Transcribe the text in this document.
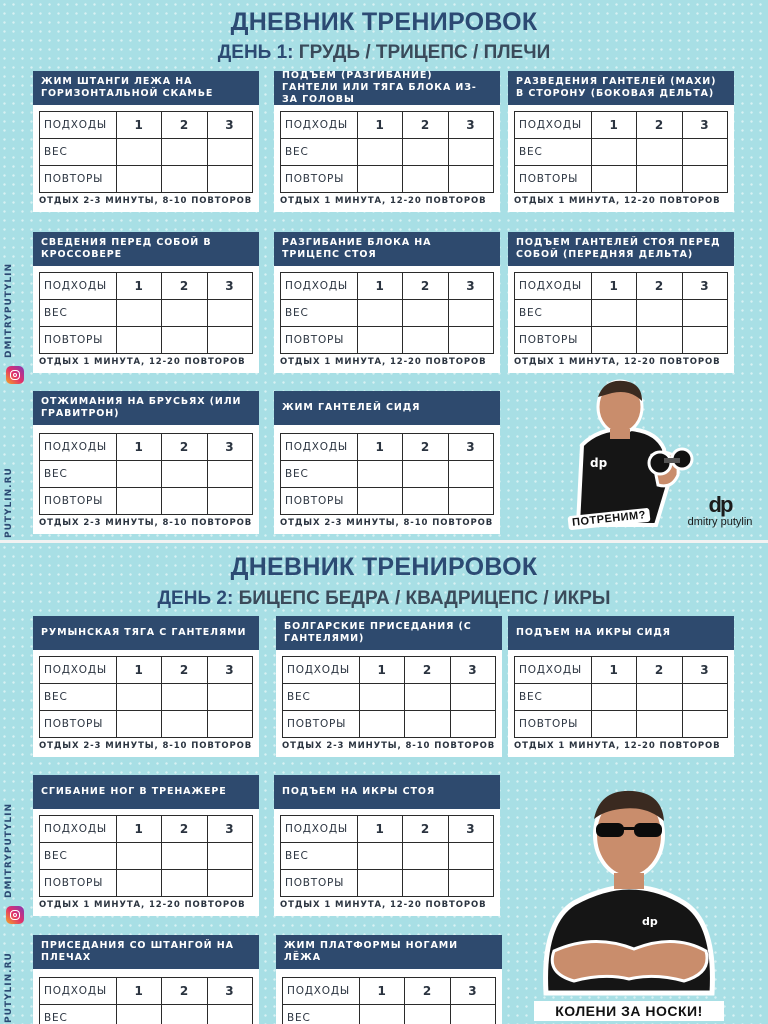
ДНЕВНИК ТРЕНИРОВОК
ДЕНЬ 1: ГРУДЬ / ТРИЦЕПС / ПЛЕЧИ
DMITRYPUTYLIN
PUTYLIN.RU
ЖИМ ШТАНГИ ЛЕЖА НА ГОРИЗОНТАЛЬНОЙ СКАМЬЕ
ПОДХОДЫ	1	2	3
ВЕС			
ПОВТОРЫ			
ОТДЫХ 2-3 МИНУТЫ, 8-10 ПОВТОРОВ
ПОДЪЕМ (РАЗГИБАНИЕ) ГАНТЕЛИ ИЛИ ТЯГА БЛОКА ИЗ-ЗА ГОЛОВЫ
ПОДХОДЫ	1	2	3
ВЕС			
ПОВТОРЫ			
ОТДЫХ 1 МИНУТА, 12-20 ПОВТОРОВ
РАЗВЕДЕНИЯ ГАНТЕЛЕЙ (МАХИ) В СТОРОНУ (БОКОВАЯ ДЕЛЬТА)
ПОДХОДЫ	1	2	3
ВЕС			
ПОВТОРЫ			
ОТДЫХ 1 МИНУТА, 12-20 ПОВТОРОВ
СВЕДЕНИЯ ПЕРЕД СОБОЙ В КРОССОВЕРЕ
ПОДХОДЫ	1	2	3
ВЕС			
ПОВТОРЫ			
ОТДЫХ 1 МИНУТА, 12-20 ПОВТОРОВ
РАЗГИБАНИЕ БЛОКА НА ТРИЦЕПС СТОЯ
ПОДХОДЫ	1	2	3
ВЕС			
ПОВТОРЫ			
ОТДЫХ 1 МИНУТА, 12-20 ПОВТОРОВ
ПОДЪЕМ ГАНТЕЛЕЙ СТОЯ ПЕРЕД СОБОЙ (ПЕРЕДНЯЯ ДЕЛЬТА)
ПОДХОДЫ	1	2	3
ВЕС			
ПОВТОРЫ			
ОТДЫХ 1 МИНУТА, 12-20 ПОВТОРОВ
ОТЖИМАНИЯ НА БРУСЬЯХ (ИЛИ ГРАВИТРОН)
ПОДХОДЫ	1	2	3
ВЕС			
ПОВТОРЫ			
ОТДЫХ 2-3 МИНУТЫ, 8-10 ПОВТОРОВ
ЖИМ ГАНТЕЛЕЙ СИДЯ
ПОДХОДЫ	1	2	3
ВЕС			
ПОВТОРЫ			
ОТДЫХ 2-3 МИНУТЫ, 8-10 ПОВТОРОВ
dp
ПОТРЕНИМ?
dp
dmitry putylin
ДНЕВНИК ТРЕНИРОВОК
ДЕНЬ 2: БИЦЕПС БЕДРА / КВАДРИЦЕПС / ИКРЫ
DMITRYPUTYLIN
PUTYLIN.RU
РУМЫНСКАЯ ТЯГА С ГАНТЕЛЯМИ
ПОДХОДЫ	1	2	3
ВЕС			
ПОВТОРЫ			
ОТДЫХ 2-3 МИНУТЫ, 8-10 ПОВТОРОВ
БОЛГАРСКИЕ ПРИСЕДАНИЯ (С ГАНТЕЛЯМИ)
ПОДХОДЫ	1	2	3
ВЕС			
ПОВТОРЫ			
ОТДЫХ 2-3 МИНУТЫ, 8-10 ПОВТОРОВ
ПОДЪЕМ НА ИКРЫ СИДЯ
ПОДХОДЫ	1	2	3
ВЕС			
ПОВТОРЫ			
ОТДЫХ 1 МИНУТА, 12-20 ПОВТОРОВ
СГИБАНИЕ НОГ В ТРЕНАЖЕРЕ
ПОДХОДЫ	1	2	3
ВЕС			
ПОВТОРЫ			
ОТДЫХ 1 МИНУТА, 12-20 ПОВТОРОВ
ПОДЪЕМ НА ИКРЫ СТОЯ
ПОДХОДЫ	1	2	3
ВЕС			
ПОВТОРЫ			
ОТДЫХ 1 МИНУТА, 12-20 ПОВТОРОВ
ПРИСЕДАНИЯ СО ШТАНГОЙ НА ПЛЕЧАХ
ПОДХОДЫ	1	2	3
ВЕС			
ЖИМ ПЛАТФОРМЫ НОГАМИ ЛЁЖА
ПОДХОДЫ	1	2	3
ВЕС			
dp
КОЛЕНИ ЗА НОСКИ!
